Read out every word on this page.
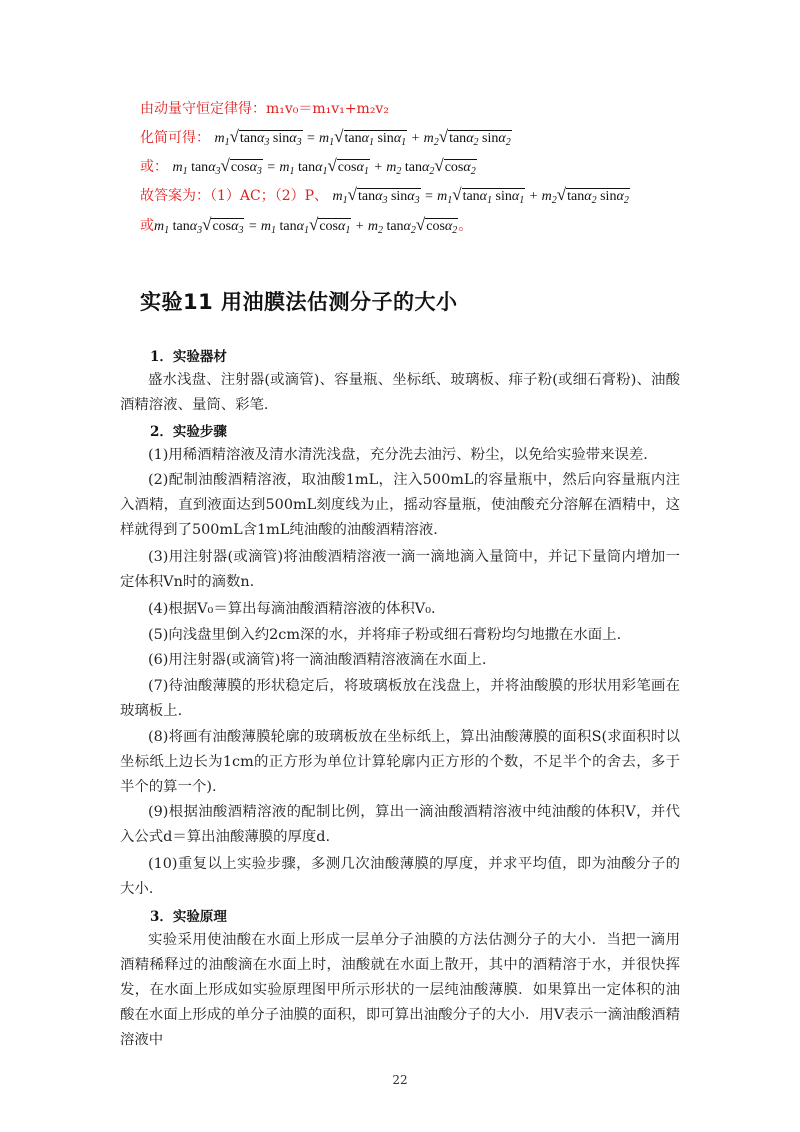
由动量守恒定律得：m₁v₀＝m₁v₁+m₂v₂
化简可得： $m_1√\tan\alpha_3$ $\sin\alpha_3 = m_1√\tan\alpha_1$ $\sin\alpha_1 + m_2√\tan\alpha_2$ sinα$_2$
或： $m_1$ $\tan\alpha_3√\cos\alpha_3 = m_1$ $\tan\alpha_1√\cos\alpha_1 + m_2$ tanα$_2$√cosα$_2$
故答案为：（1）AC；（2）P、 $m_1√\tan\alpha_3$ $\sin\alpha_3 = m_1√\tan\alpha_1$ $\sin\alpha_1 + m_2√\tan\alpha_2$ sinα$_2$
或$m_1$ $\tan\alpha_3√\cos\alpha_3 = m_1$ $\tan\alpha_1√\cos\alpha_1 + m_2$ tanα$_2$√cosα$_2$。
实验11 用油膜法估测分子的大小
1．实验器材
盛水浅盘、注射器(或滴管)、容量瓶、坐标纸、玻璃板、痱子粉(或细石膏粉)、油酸酒精溶液、量筒、彩笔.
2．实验步骤
(1)用稀酒精溶液及清水清洗浅盘，充分洗去油污、粉尘，以免给实验带来误差.
(2)配制油酸酒精溶液，取油酸1mL，注入500mL的容量瓶中，然后向容量瓶内注入酒精，直到液面达到500mL刻度线为止，摇动容量瓶，使油酸充分溶解在酒精中，这样就得到了500mL含1mL纯油酸的油酸酒精溶液.
(3)用注射器(或滴管)将油酸酒精溶液一滴一滴地滴入量筒中，并记下量筒内增加一定体积Vn时的滴数n.
(4)根据V₀＝算出每滴油酸酒精溶液的体积V₀.
(5)向浅盘里倒入约2cm深的水，并将痱子粉或细石膏粉均匀地撒在水面上.
(6)用注射器(或滴管)将一滴油酸酒精溶液滴在水面上.
(7)待油酸薄膜的形状稳定后，将玻璃板放在浅盘上，并将油酸膜的形状用彩笔画在玻璃板上.
(8)将画有油酸薄膜轮廓的玻璃板放在坐标纸上，算出油酸薄膜的面积S(求面积时以坐标纸上边长为1cm的正方形为单位计算轮廓内正方形的个数，不足半个的舍去，多于半个的算一个).
(9)根据油酸酒精溶液的配制比例，算出一滴油酸酒精溶液中纯油酸的体积V，并代入公式d＝算出油酸薄膜的厚度d.
(10)重复以上实验步骤，多测几次油酸薄膜的厚度，并求平均值，即为油酸分子的大小.
3．实验原理
实验采用使油酸在水面上形成一层单分子油膜的方法估测分子的大小．当把一滴用酒精稀释过的油酸滴在水面上时，油酸就在水面上散开，其中的酒精溶于水，并很快挥发，在水面上形成如实验原理图甲所示形状的一层纯油酸薄膜．如果算出一定体积的油酸在水面上形成的单分子油膜的面积，即可算出油酸分子的大小．用V表示一滴油酸酒精溶液中
22
